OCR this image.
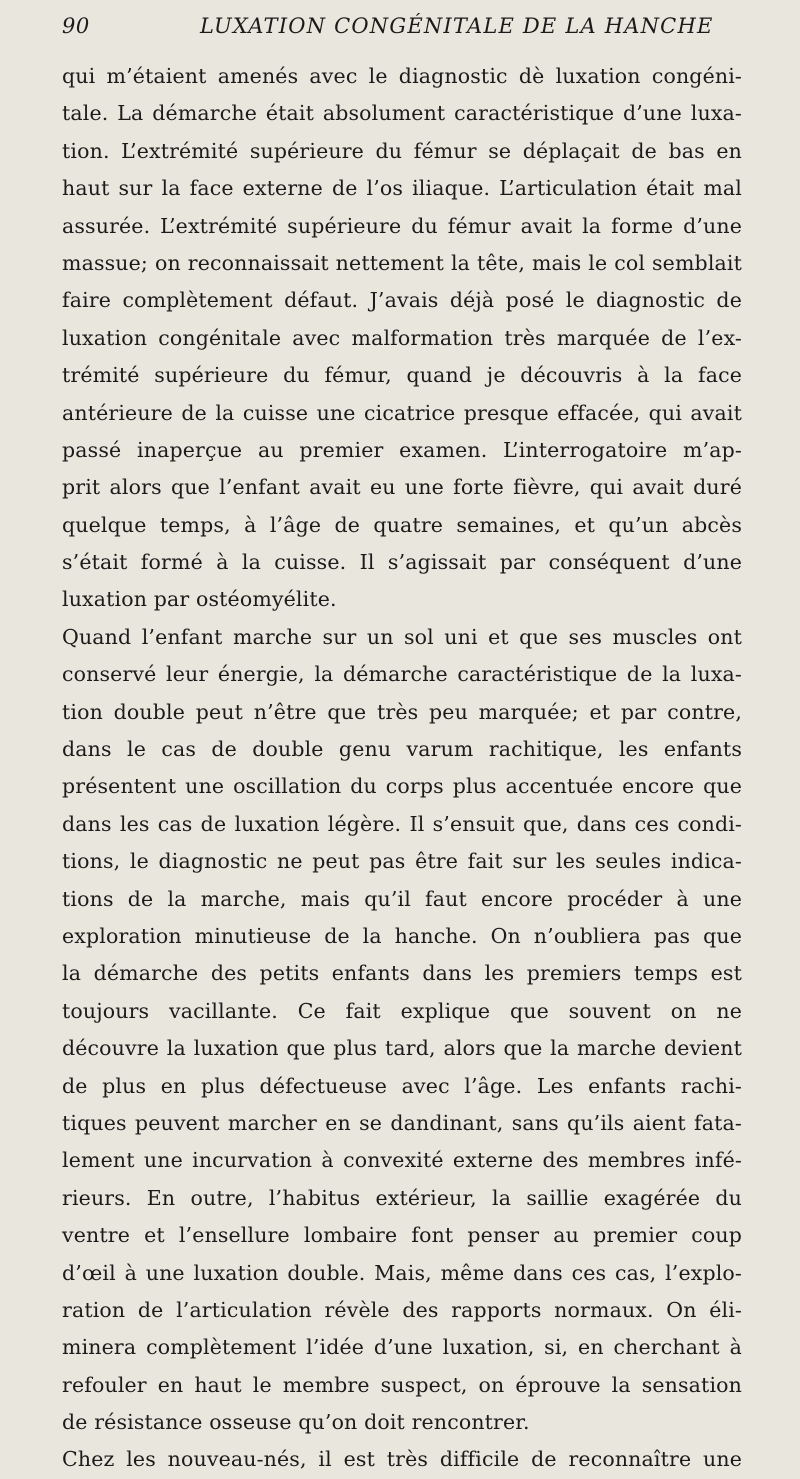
90	LUXATION CONGÉNITALE DE LA HANCHE
qui m’étaient amenés avec le diagnostic dè luxation congéni-
tale. La démarche était absolument caractéristique d’une luxa-
tion. L’extrémité supérieure du fémur se déplaçait de bas en
haut sur la face externe de l’os iliaque. L’articulation était mal
assurée. L’extrémité supérieure du fémur avait la forme d’une
massue; on reconnaissait nettement la tête, mais le col semblait
faire complètement défaut. J’avais déjà posé le diagnostic de
luxation congénitale avec malformation très marquée de l’ex-
trémité supérieure du fémur, quand je découvris à la face
antérieure de la cuisse une cicatrice presque effacée, qui avait
passé inaperçue au premier examen. L’interrogatoire m’ap-
prit alors que l’enfant avait eu une forte fièvre, qui avait duré
quelque temps, à l’âge de quatre semaines, et qu’un abcès
s’était formé à la cuisse. Il s’agissait par conséquent d’une
luxation par ostéomyélite.
Quand l’enfant marche sur un sol uni et que ses muscles ont
conservé leur énergie, la démarche caractéristique de la luxa-
tion double peut n’être que très peu marquée; et par contre,
dans le cas de double genu varum rachitique, les enfants
présentent une oscillation du corps plus accentuée encore que
dans les cas de luxation légère. Il s’ensuit que, dans ces condi-
tions, le diagnostic ne peut pas être fait sur les seules indica-
tions de la marche, mais qu’il faut encore procéder à une
exploration minutieuse de la hanche. On n’oubliera pas que
la démarche des petits enfants dans les premiers temps est
toujours vacillante. Ce fait explique que souvent on ne
découvre la luxation que plus tard, alors que la marche devient
de plus en plus défectueuse avec l’âge. Les enfants rachi-
tiques peuvent marcher en se dandinant, sans qu’ils aient fata-
lement une incurvation à convexité externe des membres infé-
rieurs. En outre, l’habitus extérieur, la saillie exagérée du
ventre et l’ensellure lombaire font penser au premier coup
d’œil à une luxation double. Mais, même dans ces cas, l’explo-
ration de l’articulation révèle des rapports normaux. On éli-
minera complètement l’idée d’une luxation, si, en cherchant à
refouler en haut le membre suspect, on éprouve la sensation
de résistance osseuse qu’on doit rencontrer.
Chez les nouveau-nés, il est très difficile de reconnaître une
